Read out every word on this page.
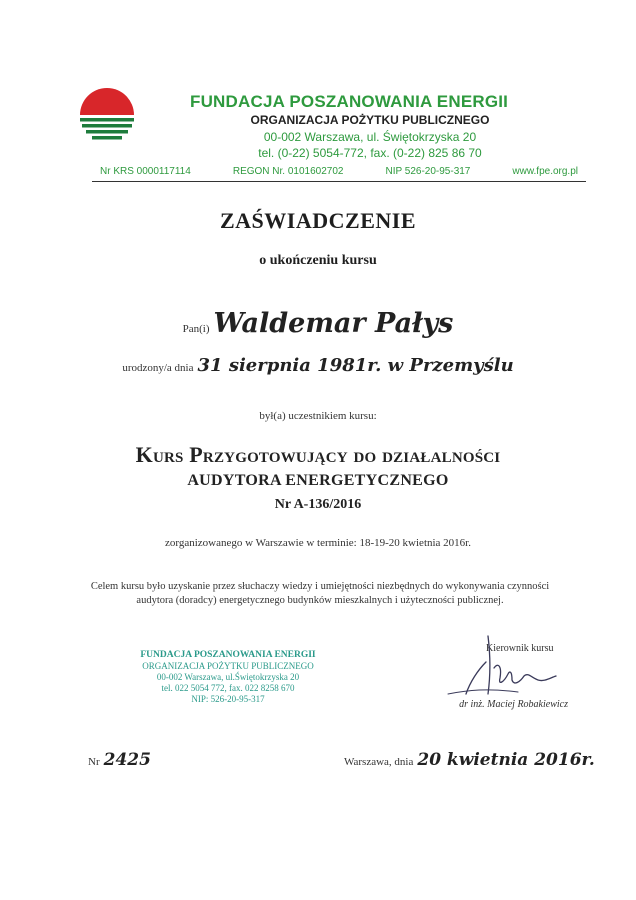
FUNDACJA POSZANOWANIA ENERGII
ORGANIZACJA POŻYTKU PUBLICZNEGO
00-002 Warszawa, ul. Świętokrzyska 20
tel. (0-22) 5054-772, fax. (0-22) 825 86 70
Nr KRS 0000117114	REGON Nr. 0101602702	NIP 526-20-95-317	www.fpe.org.pl
ZAŚWIADCZENIE
o ukończeniu kursu
Pan(i) Waldemar Pałys
urodzony/a dnia 31 sierpnia 1981r. w Przemyślu
był(a) uczestnikiem kursu:
Kurs Przygotowujący do działalności
AUDYTORA ENERGETYCZNEGO
Nr A-136/2016
zorganizowanego w Warszawie w terminie: 18-19-20 kwietnia 2016r.
Celem kursu było uzyskanie przez słuchaczy wiedzy i umiejętności niezbędnych do wykonywania czynności
audytora (doradcy) energetycznego budynków mieszkalnych i użyteczności publicznej.
FUNDACJA POSZANOWANIA ENERGII
ORGANIZACJA POŻYTKU PUBLICZNEGO
00-002 Warszawa, ul.Świętokrzyska 20
tel. 022 5054 772, fax. 022 8258 670
NIP: 526-20-95-317
Kierownik kursu
dr inż. Maciej Robakiewicz
Nr 2425	Warszawa, dnia 20 kwietnia 2016r.
